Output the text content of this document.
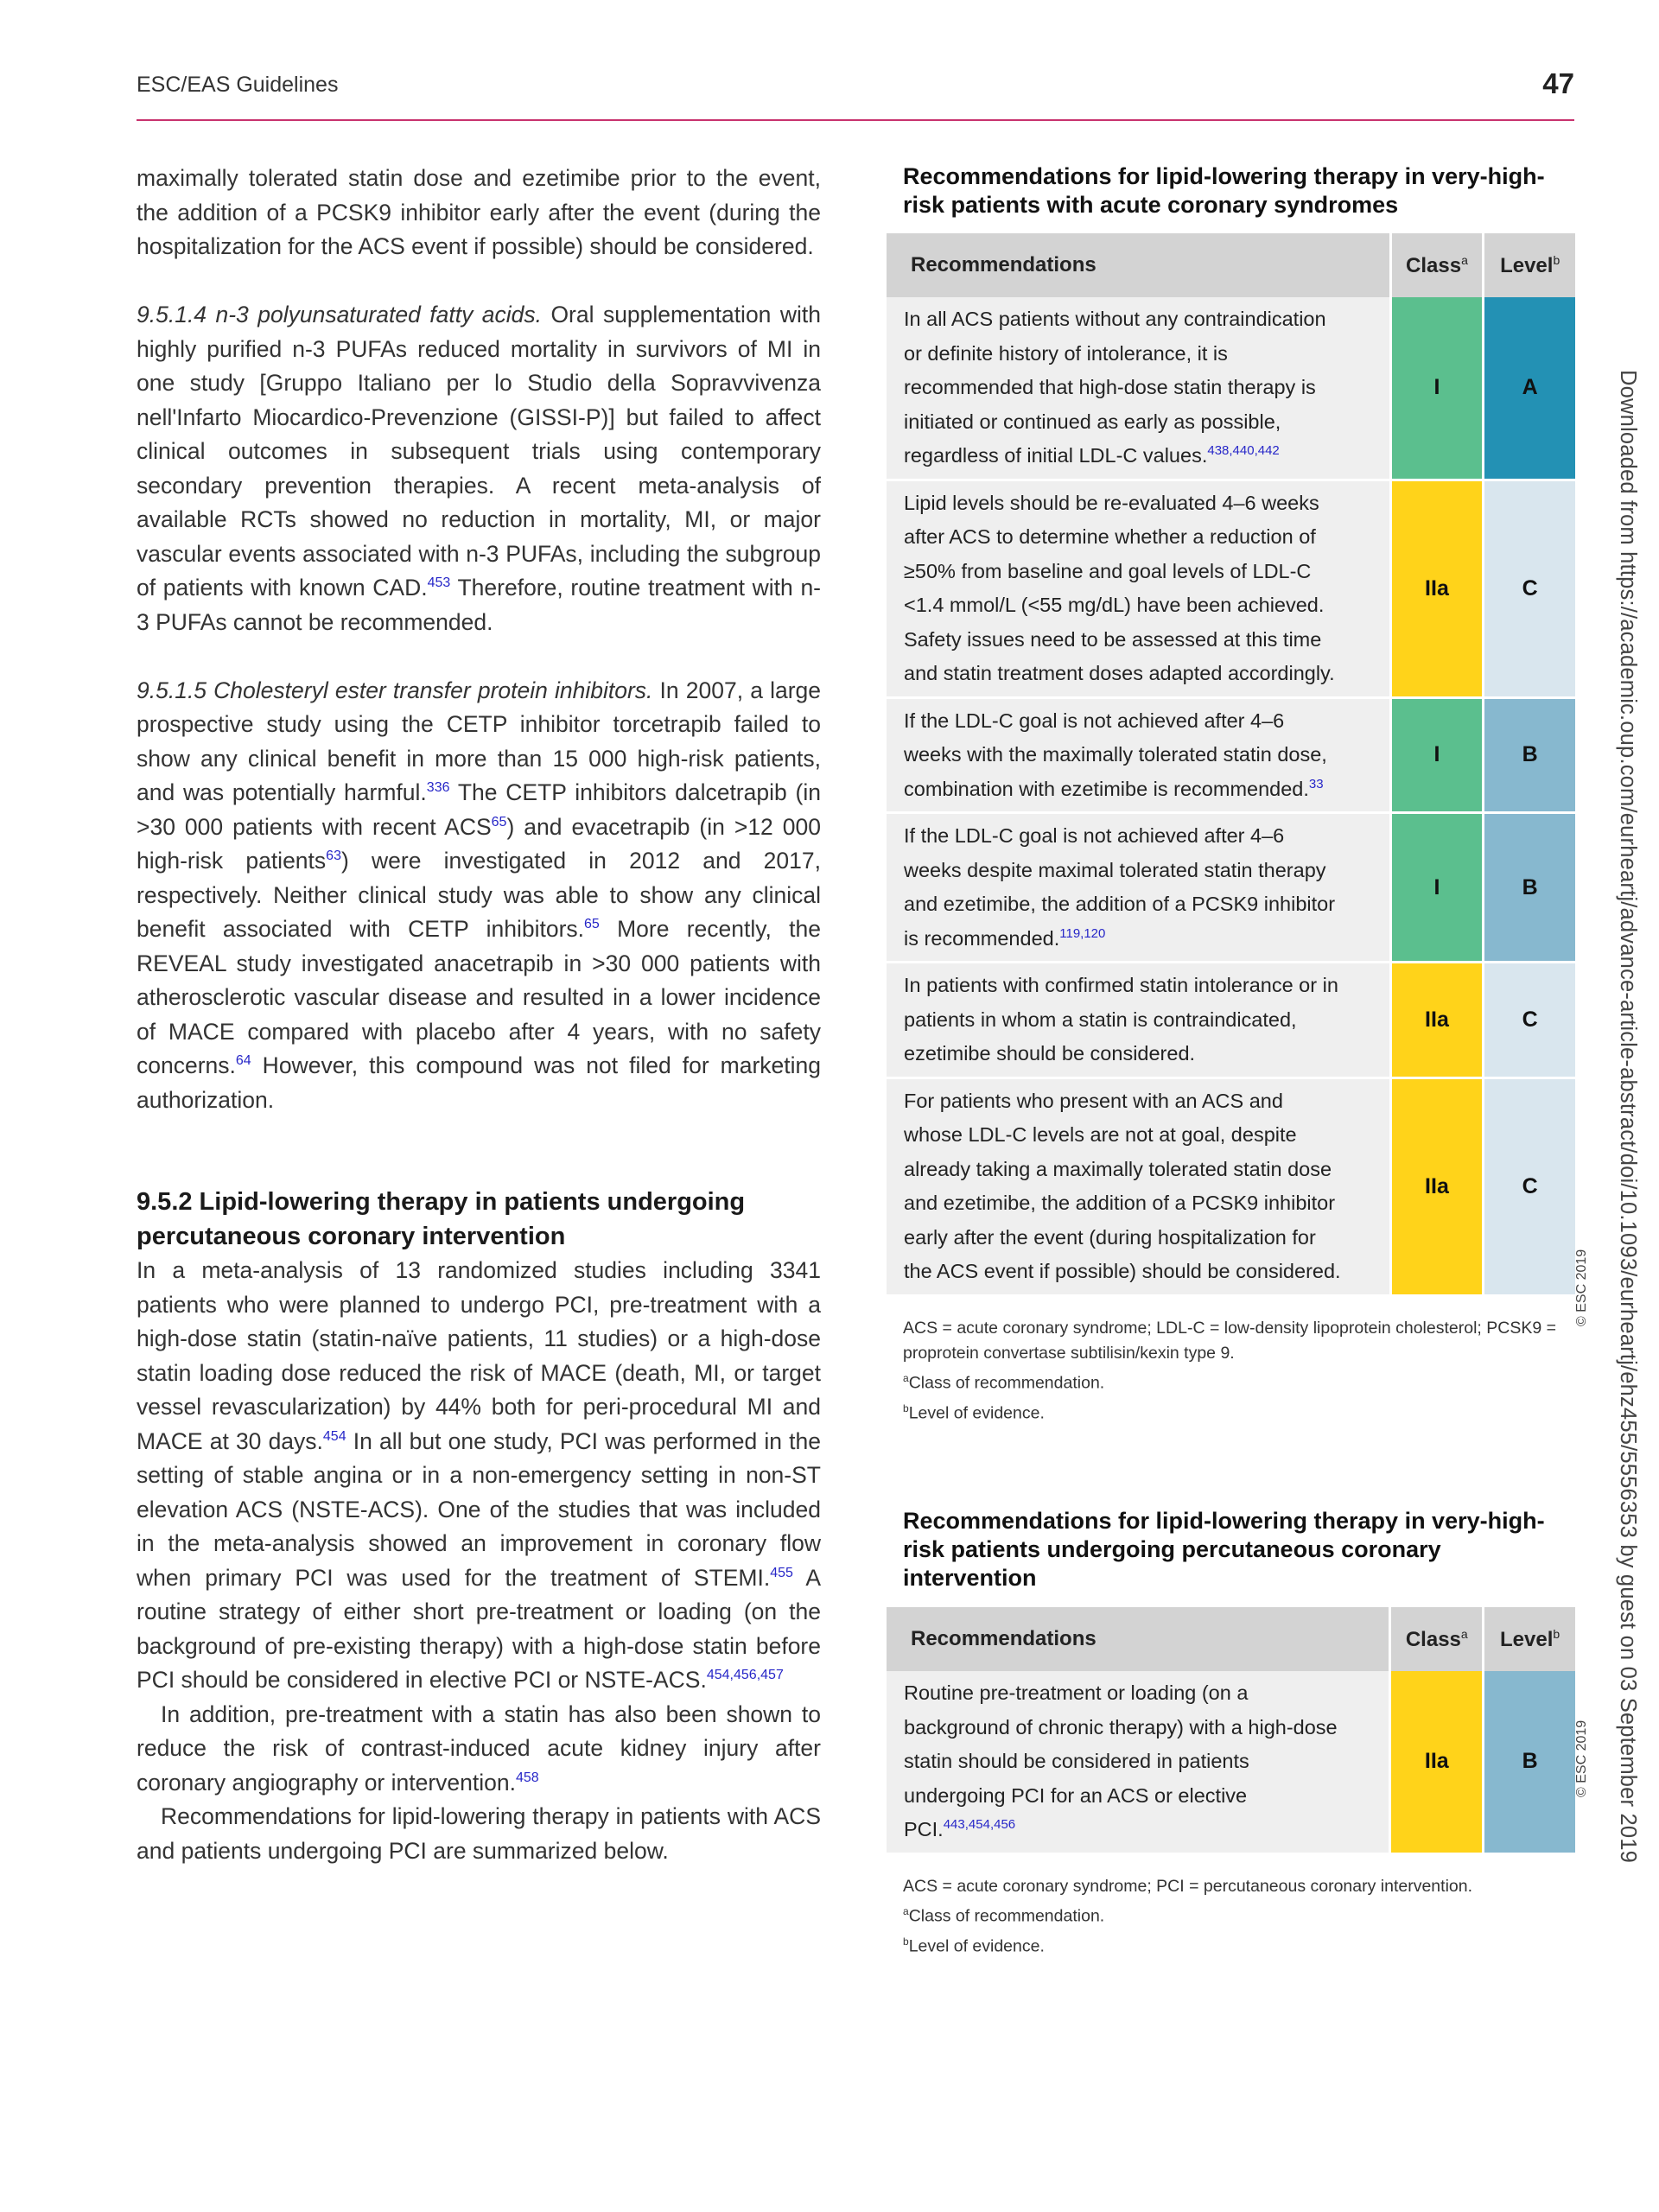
ESC/EAS Guidelines	47

maximally tolerated statin dose and ezetimibe prior to the event, the addition of a PCSK9 inhibitor early after the event (during the hospitalization for the ACS event if possible) should be considered.

9.5.1.4 n-3 polyunsaturated fatty acids. Oral supplementation with highly purified n-3 PUFAs reduced mortality in survivors of MI in one study [Gruppo Italiano per lo Studio della Sopravvivenza nell'Infarto Miocardico-Prevenzione (GISSI-P)] but failed to affect clinical outcomes in subsequent trials using contemporary secondary prevention therapies. A recent meta-analysis of available RCTs showed no reduction in mortality, MI, or major vascular events associated with n-3 PUFAs, including the subgroup of patients with known CAD.$^{453}$ Therefore, routine treatment with n-3 PUFAs cannot be recommended.

9.5.1.5 Cholesteryl ester transfer protein inhibitors. In 2007, a large prospective study using the CETP inhibitor torcetrapib failed to show any clinical benefit in more than 15 000 high-risk patients, and was potentially harmful.$^{336}$ The CETP inhibitors dalcetrapib (in >30 000 patients with recent ACS$^{65}$) and evacetrapib (in >12 000 high-risk patients$^{63}$) were investigated in 2012 and 2017, respectively. Neither clinical study was able to show any clinical benefit associated with CETP inhibitors.$^{65}$ More recently, the REVEAL study investigated anacetrapib in >30 000 patients with atherosclerotic vascular disease and resulted in a lower incidence of MACE compared with placebo after 4 years, with no safety concerns.$^{64}$ However, this compound was not filed for marketing authorization.

9.5.2 Lipid-lowering therapy in patients undergoing percutaneous coronary intervention

In a meta-analysis of 13 randomized studies including 3341 patients who were planned to undergo PCI, pre-treatment with a high-dose statin (statin-naïve patients, 11 studies) or a high-dose statin loading dose reduced the risk of MACE (death, MI, or target vessel revascularization) by 44% both for peri-procedural MI and MACE at 30 days.$^{454}$ In all but one study, PCI was performed in the setting of stable angina or in a non-emergency setting in non-ST elevation ACS (NSTE-ACS). One of the studies that was included in the meta-analysis showed an improvement in coronary flow when primary PCI was used for the treatment of STEMI.$^{455}$ A routine strategy of either short pre-treatment or loading (on the background of pre-existing therapy) with a high-dose statin before PCI should be considered in elective PCI or NSTE-ACS.$^{454,456,457}$

In addition, pre-treatment with a statin has also been shown to reduce the risk of contrast-induced acute kidney injury after coronary angiography or intervention.$^{458}$

Recommendations for lipid-lowering therapy in patients with ACS and patients undergoing PCI are summarized below.

Recommendations for lipid-lowering therapy in very-high-risk patients with acute coronary syndromes
Recommendations	Class$^a$	Level$^b$
In all ACS patients without any contraindication or definite history of intolerance, it is recommended that high-dose statin therapy is initiated or continued as early as possible, regardless of initial LDL-C values.$^{438,440,442}$	I	A
Lipid levels should be re-evaluated 4–6 weeks after ACS to determine whether a reduction of ≥50% from baseline and goal levels of LDL-C <1.4 mmol/L (<55 mg/dL) have been achieved. Safety issues need to be assessed at this time and statin treatment doses adapted accordingly.	IIa	C
If the LDL-C goal is not achieved after 4–6 weeks with the maximally tolerated statin dose, combination with ezetimibe is recommended.$^{33}$	I	B
If the LDL-C goal is not achieved after 4–6 weeks despite maximal tolerated statin therapy and ezetimibe, the addition of a PCSK9 inhibitor is recommended.$^{119,120}$	I	B
In patients with confirmed statin intolerance or in patients in whom a statin is contraindicated, ezetimibe should be considered.	IIa	C
For patients who present with an ACS and whose LDL-C levels are not at goal, despite already taking a maximally tolerated statin dose and ezetimibe, the addition of a PCSK9 inhibitor early after the event (during hospitalization for the ACS event if possible) should be considered.	IIa	C
ACS = acute coronary syndrome; LDL-C = low-density lipoprotein cholesterol; PCSK9 = proprotein convertase subtilisin/kexin type 9.
$^a$Class of recommendation.
$^b$Level of evidence.
© ESC 2019
Recommendations for lipid-lowering therapy in very-high-risk patients undergoing percutaneous coronary intervention
Recommendations	Class$^a$	Level$^b$
Routine pre-treatment or loading (on a background of chronic therapy) with a high-dose statin should be considered in patients undergoing PCI for an ACS or elective PCI.$^{443,454,456}$	IIa	B
ACS = acute coronary syndrome; PCI = percutaneous coronary intervention.
$^a$Class of recommendation.
$^b$Level of evidence.
© ESC 2019 Downloaded from https://academic.oup.com/eurheartj/advance-article-abstract/doi/10.1093/eurheartj/ehz455/5556353 by guest on 03 September 2019
